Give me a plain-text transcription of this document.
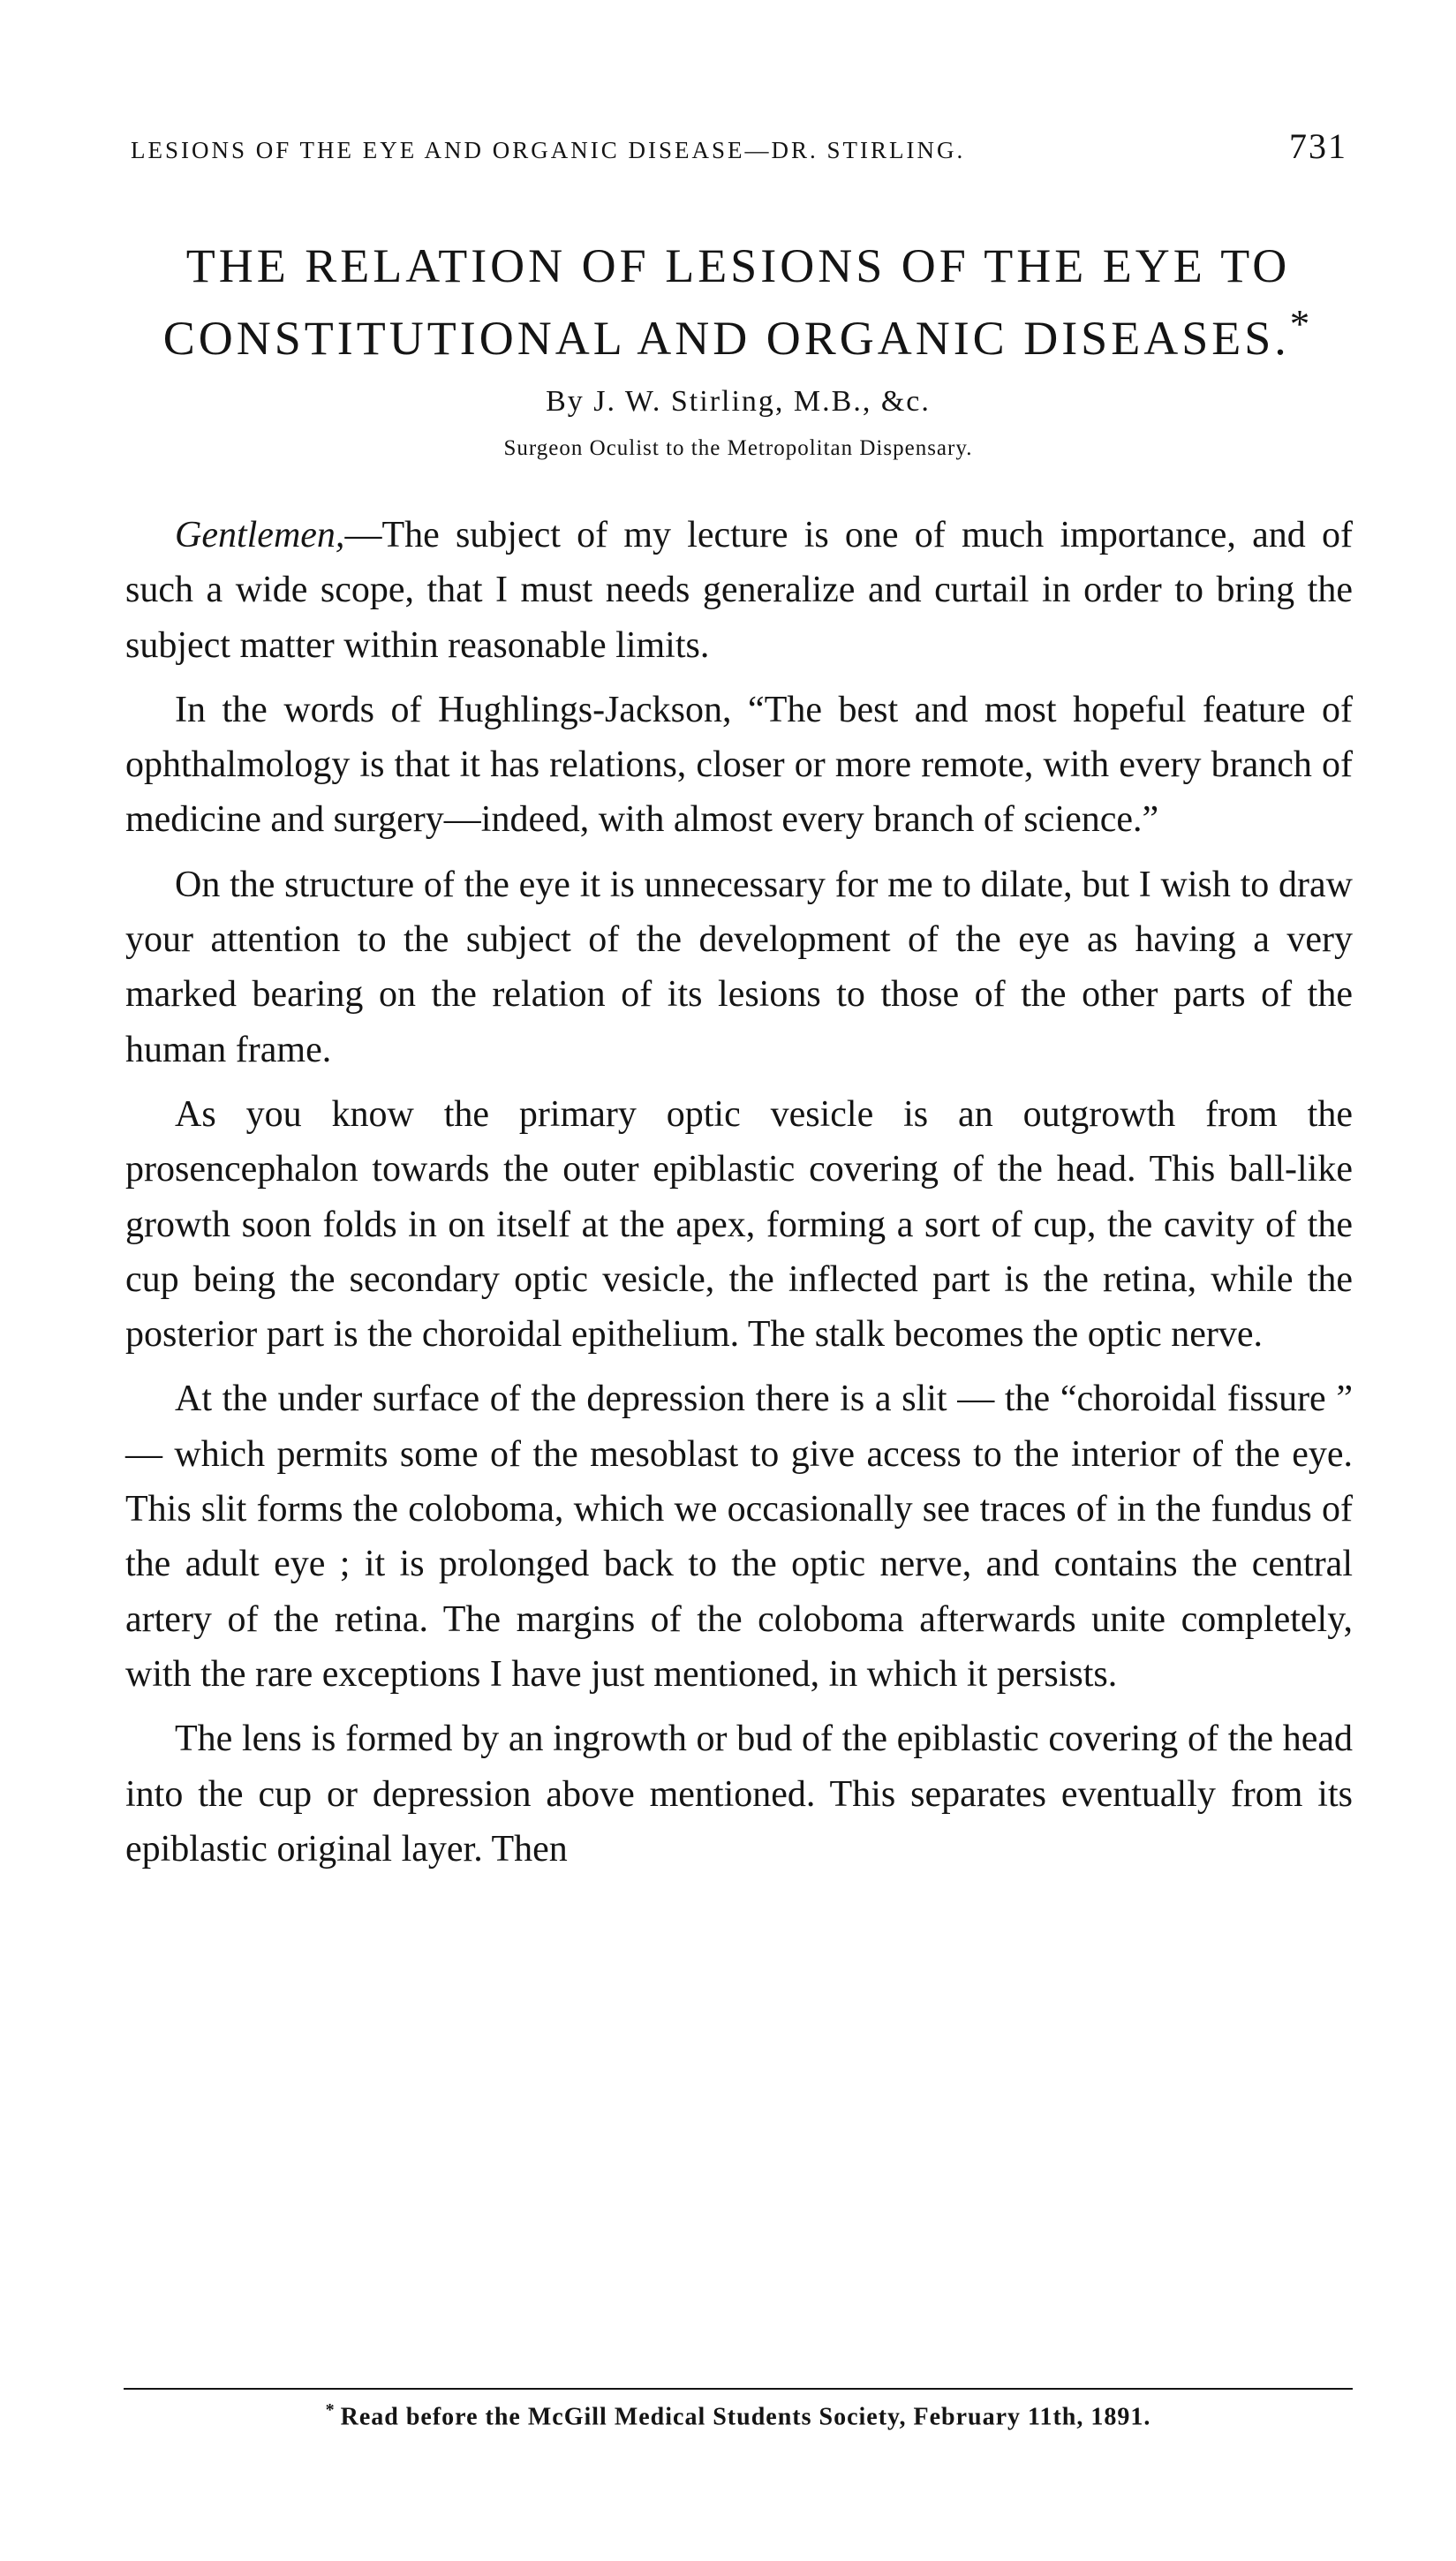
LESIONS OF THE EYE AND ORGANIC DISEASE—DR. STIRLING.	731
THE RELATION OF LESIONS OF THE EYE TO
CONSTITUTIONAL AND ORGANIC DISEASES.*
By J. W. Stirling, M.B., &c.
Surgeon Oculist to the Metropolitan Dispensary.

Gentlemen,—The subject of my lecture is one of much importance, and of such a wide scope, that I must needs generalize and curtail in order to bring the subject matter within reasonable limits.

In the words of Hughlings-Jackson, “The best and most hopeful feature of ophthalmology is that it has relations, closer or more remote, with every branch of medicine and surgery—indeed, with almost every branch of science.”

On the structure of the eye it is unnecessary for me to dilate, but I wish to draw your attention to the subject of the development of the eye as having a very marked bearing on the relation of its lesions to those of the other parts of the human frame.

As you know the primary optic vesicle is an outgrowth from the prosencephalon towards the outer epiblastic covering of the head. This ball-like growth soon folds in on itself at the apex, forming a sort of cup, the cavity of the cup being the secondary optic vesicle, the inflected part is the retina, while the posterior part is the choroidal epithelium. The stalk becomes the optic nerve.

At the under surface of the depression there is a slit — the “choroidal fissure ” — which permits some of the mesoblast to give access to the interior of the eye. This slit forms the coloboma, which we occasionally see traces of in the fundus of the adult eye ; it is prolonged back to the optic nerve, and contains the central artery of the retina. The margins of the coloboma afterwards unite completely, with the rare exceptions I have just mentioned, in which it persists.

The lens is formed by an ingrowth or bud of the epiblastic covering of the head into the cup or depression above mentioned. This separates eventually from its epiblastic original layer. Then

* Read before the McGill Medical Students Society, February 11th, 1891.
